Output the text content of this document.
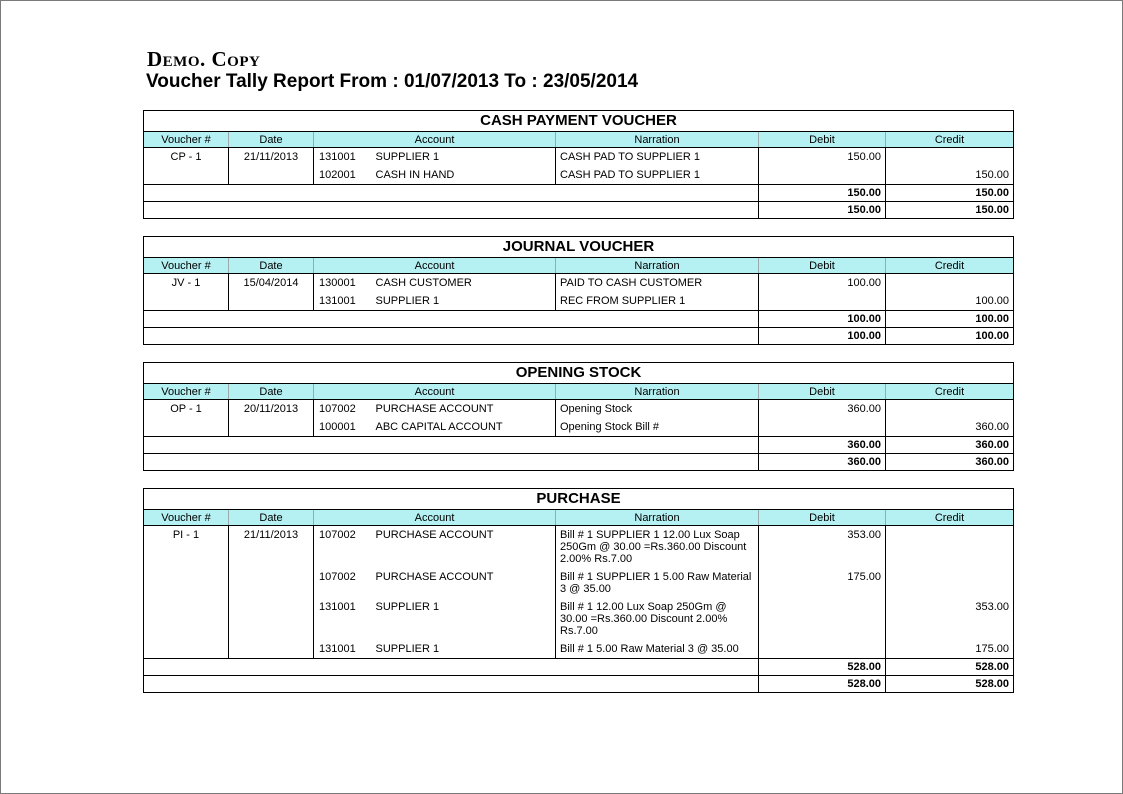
Demo. Copy
Voucher Tally Report From : 01/07/2013 To : 23/05/2014
CASH PAYMENT VOUCHER
Voucher #	Date	Account		Narration	Debit	Credit
CP - 1	21/11/2013	131001	SUPPLIER 1	CASH PAD TO SUPPLIER 1	150.00	
		102001	CASH IN HAND	CASH PAD TO SUPPLIER 1		150.00
					150.00	150.00
					150.00	150.00
JOURNAL VOUCHER
Voucher #	Date	Account		Narration	Debit	Credit
JV - 1	15/04/2014	130001	CASH CUSTOMER	PAID TO CASH CUSTOMER	100.00	
		131001	SUPPLIER 1	REC FROM SUPPLIER 1		100.00
					100.00	100.00
					100.00	100.00
OPENING STOCK
Voucher #	Date	Account		Narration	Debit	Credit
OP - 1	20/11/2013	107002	PURCHASE ACCOUNT	Opening Stock	360.00	
		100001	ABC CAPITAL ACCOUNT	Opening Stock Bill #		360.00
					360.00	360.00
					360.00	360.00
PURCHASE
Voucher #	Date	Account		Narration	Debit	Credit
PI - 1	21/11/2013	107002	PURCHASE ACCOUNT	Bill # 1 SUPPLIER 1 12.00 Lux Soap 250Gm @ 30.00 =Rs.360.00 Discount 2.00% Rs.7.00	353.00	
		107002	PURCHASE ACCOUNT	Bill # 1 SUPPLIER 1 5.00 Raw Material 3 @ 35.00	175.00	
		131001	SUPPLIER 1	Bill # 1 12.00 Lux Soap 250Gm @ 30.00 =Rs.360.00 Discount 2.00% Rs.7.00		353.00
		131001	SUPPLIER 1	Bill # 1 5.00 Raw Material 3 @ 35.00		175.00
					528.00	528.00
					528.00	528.00
